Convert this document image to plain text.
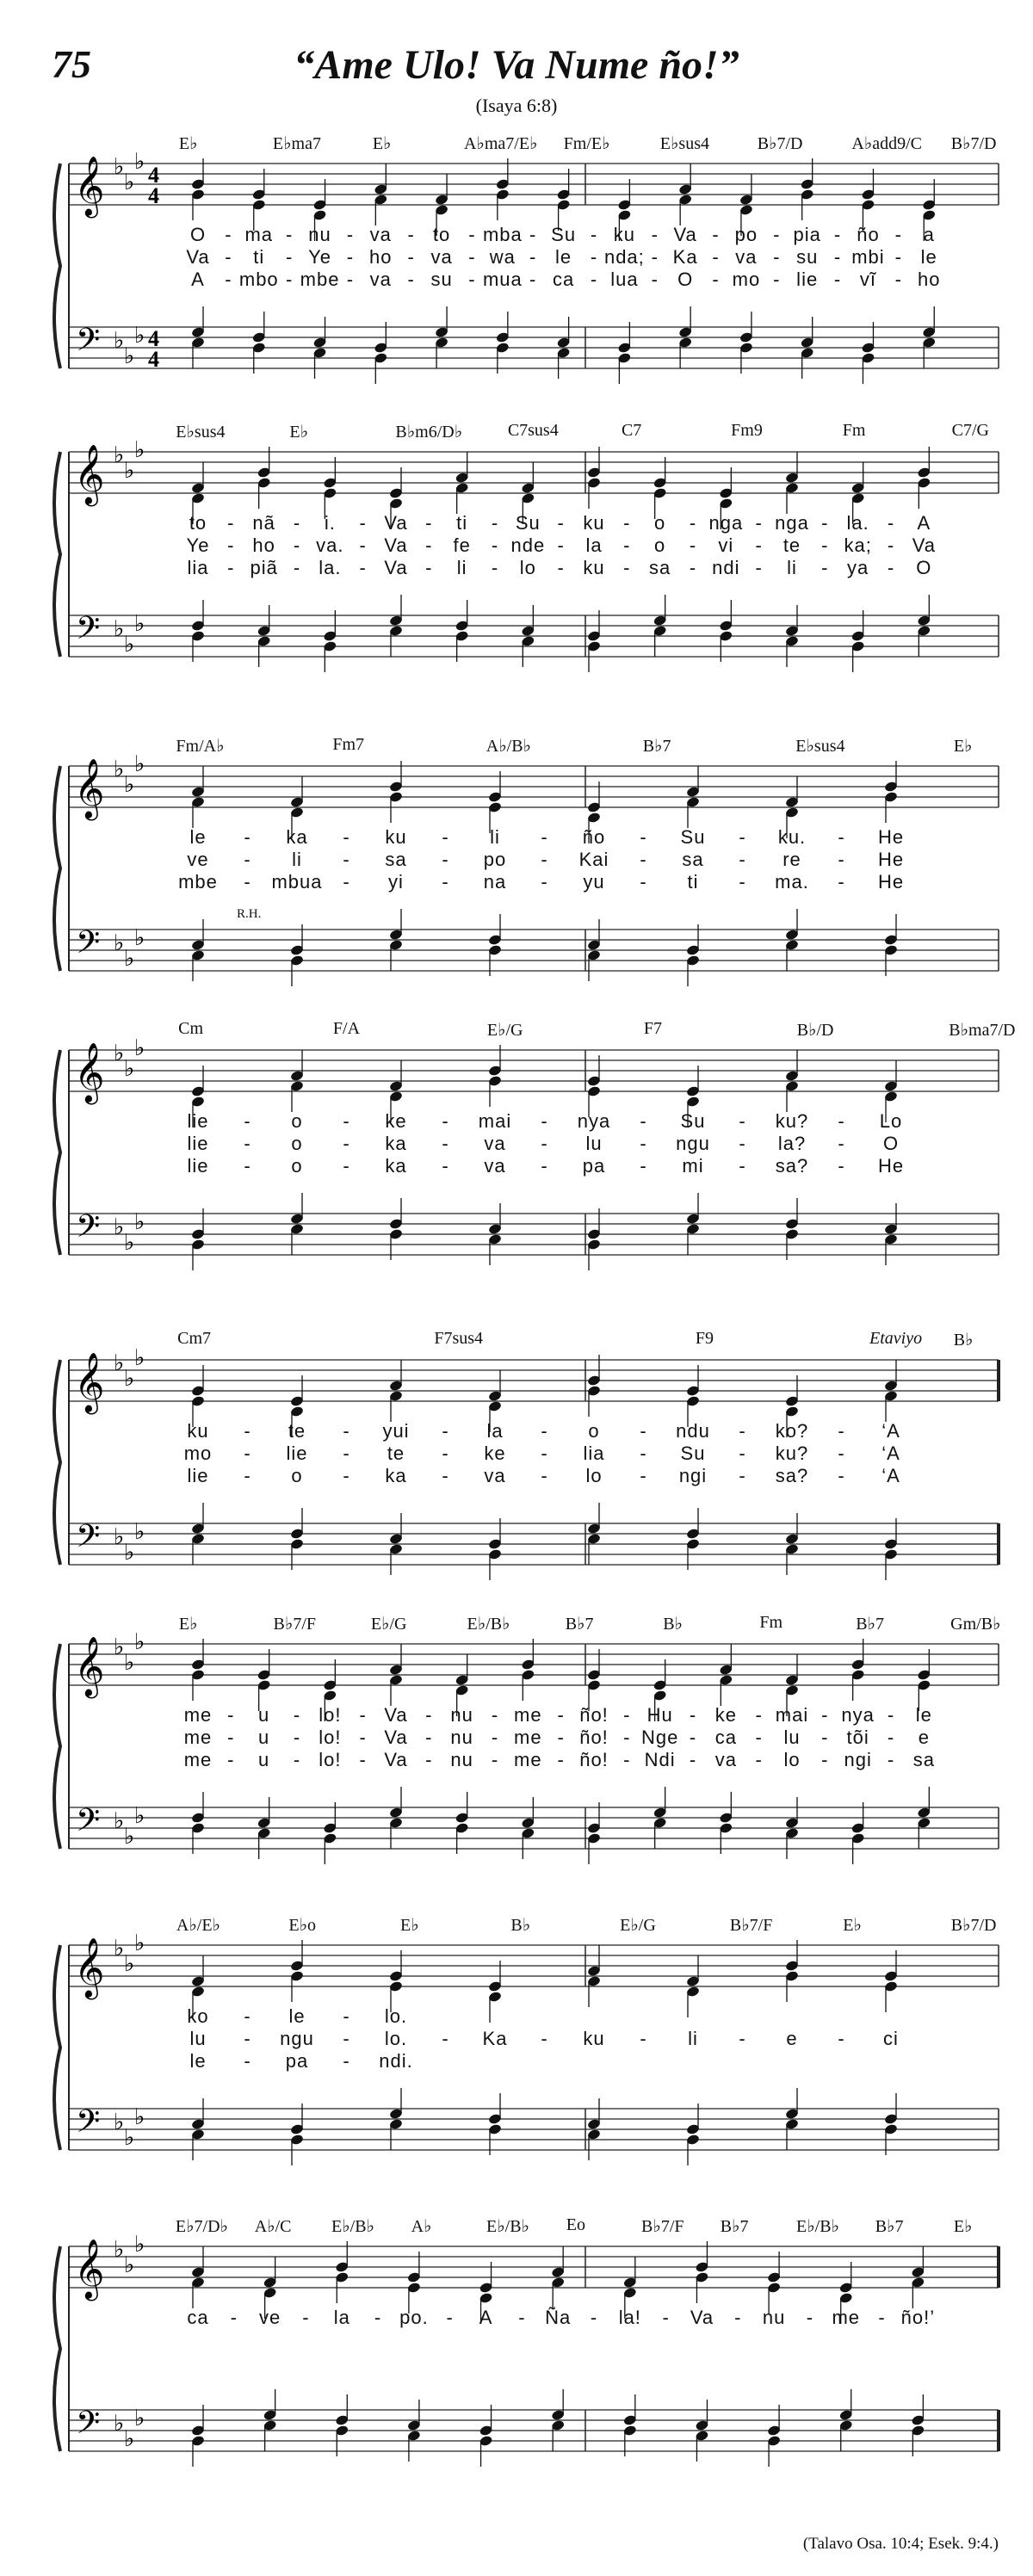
75	“Ame Ulo! Va Nume ño!”
(Isaya 6:8)
𝄞
𝄢
♭
♭
♭
♭
♭
♭
4
4
4
4
E♭	E♭ma7	E♭	A♭ma7/E♭ Fm/E♭	E♭sus4	B♭7/D	A♭add9/C B♭7/D
O - ma - nu - va - to - mba - Su - ku - Va - po - pia - ño - a
Va - ti - Ye - ho - va - wa - le - nda; - Ka - va - su - mbi - le
A - mbo - mbe - va - su - mua - ca - lua - O - mo - lie - vĩ - ho
𝄞
𝄢
♭
♭
♭
♭
♭
♭
E♭sus4	E♭	B♭m6/D♭	C7sus4	C7	Fm9	Fm	C7/G
to - nã - i. - Va - ti - Su - ku - o - nga - nga - la. - A
Ye - ho - va. - Va - fe - nde - la - o - vi - te - ka; - Va
lia - piã - la. - Va - li - lo - ku - sa - ndi - li - ya - O
𝄞
𝄢
♭
♭
♭
♭
♭
♭
Fm/A♭	Fm7	A♭/B♭	B♭7	E♭sus4	E♭
le - ka - ku - li - ño - Su - ku. - He
ve - li - sa - po - Kai - sa - re - He
mbe - mbua - yi - na - yu - ti - ma. - He
R.H.
𝄞
𝄢
♭
♭
♭
♭
♭
♭
Cm	F/A	E♭/G	F7	B♭/D	B♭ma7/D
lie - o - ke - mai - nya - Su - ku? - Lo
lie - o - ka - va - lu - ngu - la? - O
lie - o - ka - va - pa - mi - sa? - He
𝄞
𝄢
♭
♭
♭
♭
♭
♭
Cm7	F7sus4	F9	B♭
ku - te - yui - la - o - ndu - ko? - ‘A
mo - lie - te - ke - lia - Su - ku? - ‘A
lie - o - ka - va - lo - ngi - sa? - ‘A
Etaviyo
𝄞
𝄢
♭
♭
♭
♭
♭
♭
E♭	B♭7/F	E♭/G	E♭/B♭	B♭7	B♭	Fm	B♭7	Gm/B♭
me - u - lo! - Va - nu - me - ño! - Hu - ke - mai - nya - le
me - u - lo! - Va - nu - me - ño! - Nge - ca - lu - tõi - e
me - u - lo! - Va - nu - me - ño! - Ndi - va - lo - ngi - sa
𝄞
𝄢
♭
♭
♭
♭
♭
♭
A♭/E♭	E♭o	E♭	B♭	E♭/G	B♭7/F	E♭	B♭7/D
ko - le - lo.
lu - ngu - lo. - Ka - ku - li - e - ci
le - pa - ndi.
𝄞
𝄢
♭
♭
♭
♭
♭
♭
E♭7/D♭ A♭/C E♭/B♭ A♭	E♭/B♭ Eo	B♭7/F B♭7	E♭/B♭ B♭7	E♭
ca - ve - la - po. - A - Ña - la! - Va - nu - me - ño!’
(Talavo Osa. 10:4; Esek. 9:4.)
